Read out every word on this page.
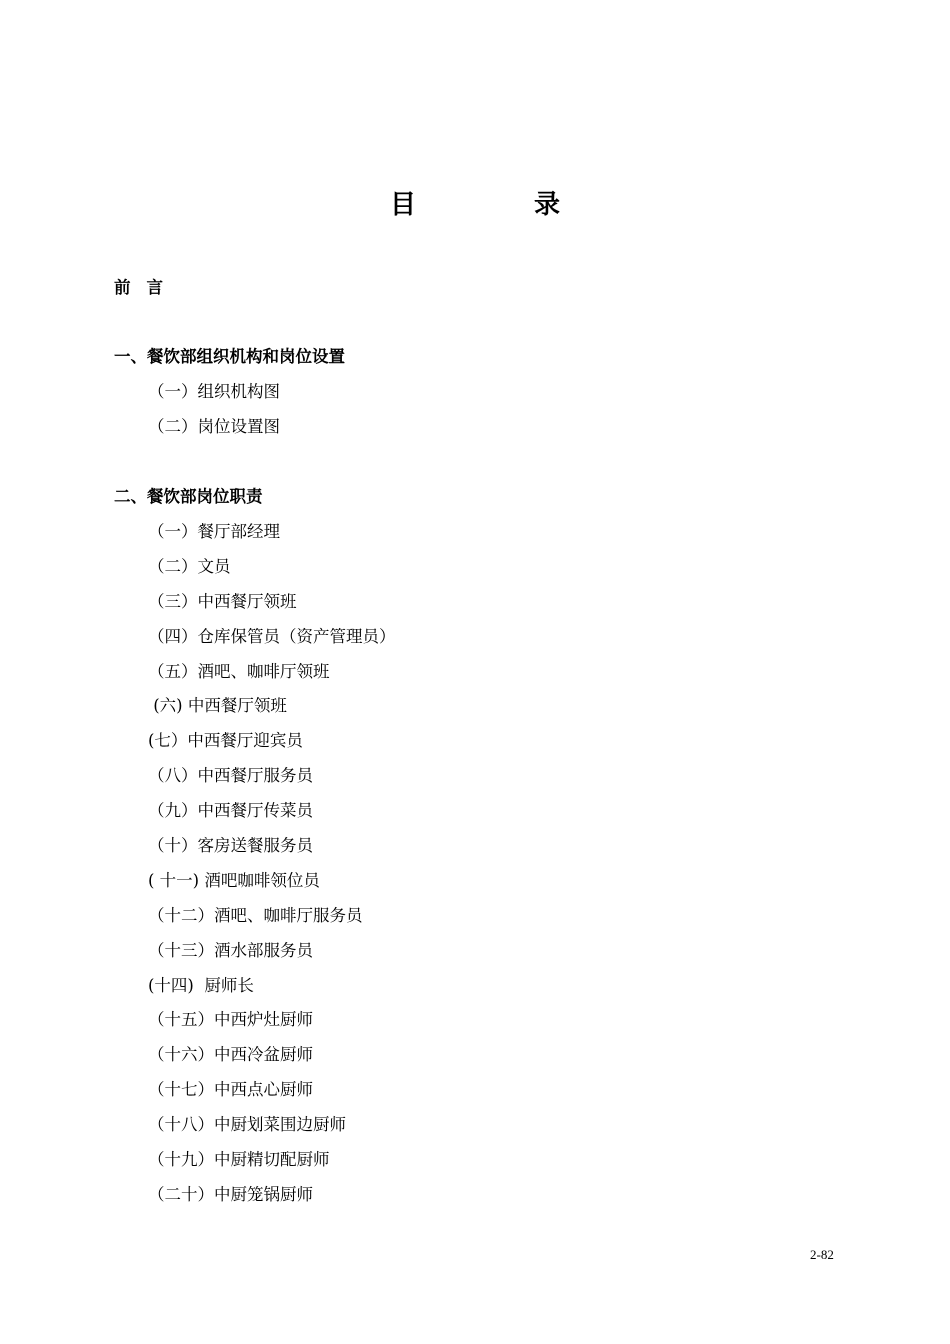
目　录
前言
一、餐饮部组织机构和岗位设置
（一）组织机构图
（二）岗位设置图
二、餐饮部岗位职责
（一）餐厅部经理
（二）文员
（三）中西餐厅领班
（四）仓库保管员（资产管理员）
（五）酒吧、咖啡厅领班
(六) 中西餐厅领班
(七）中西餐厅迎宾员
（八）中西餐厅服务员
（九）中西餐厅传菜员
（十）客房送餐服务员
( 十一) 酒吧咖啡领位员
（十二）酒吧、咖啡厅服务员
（十三）酒水部服务员
(十四)  厨师长
（十五）中西炉灶厨师
（十六）中西冷盆厨师
（十七）中西点心厨师
（十八）中厨划菜围边厨师
（十九）中厨精切配厨师
（二十）中厨笼锅厨师
2-82
